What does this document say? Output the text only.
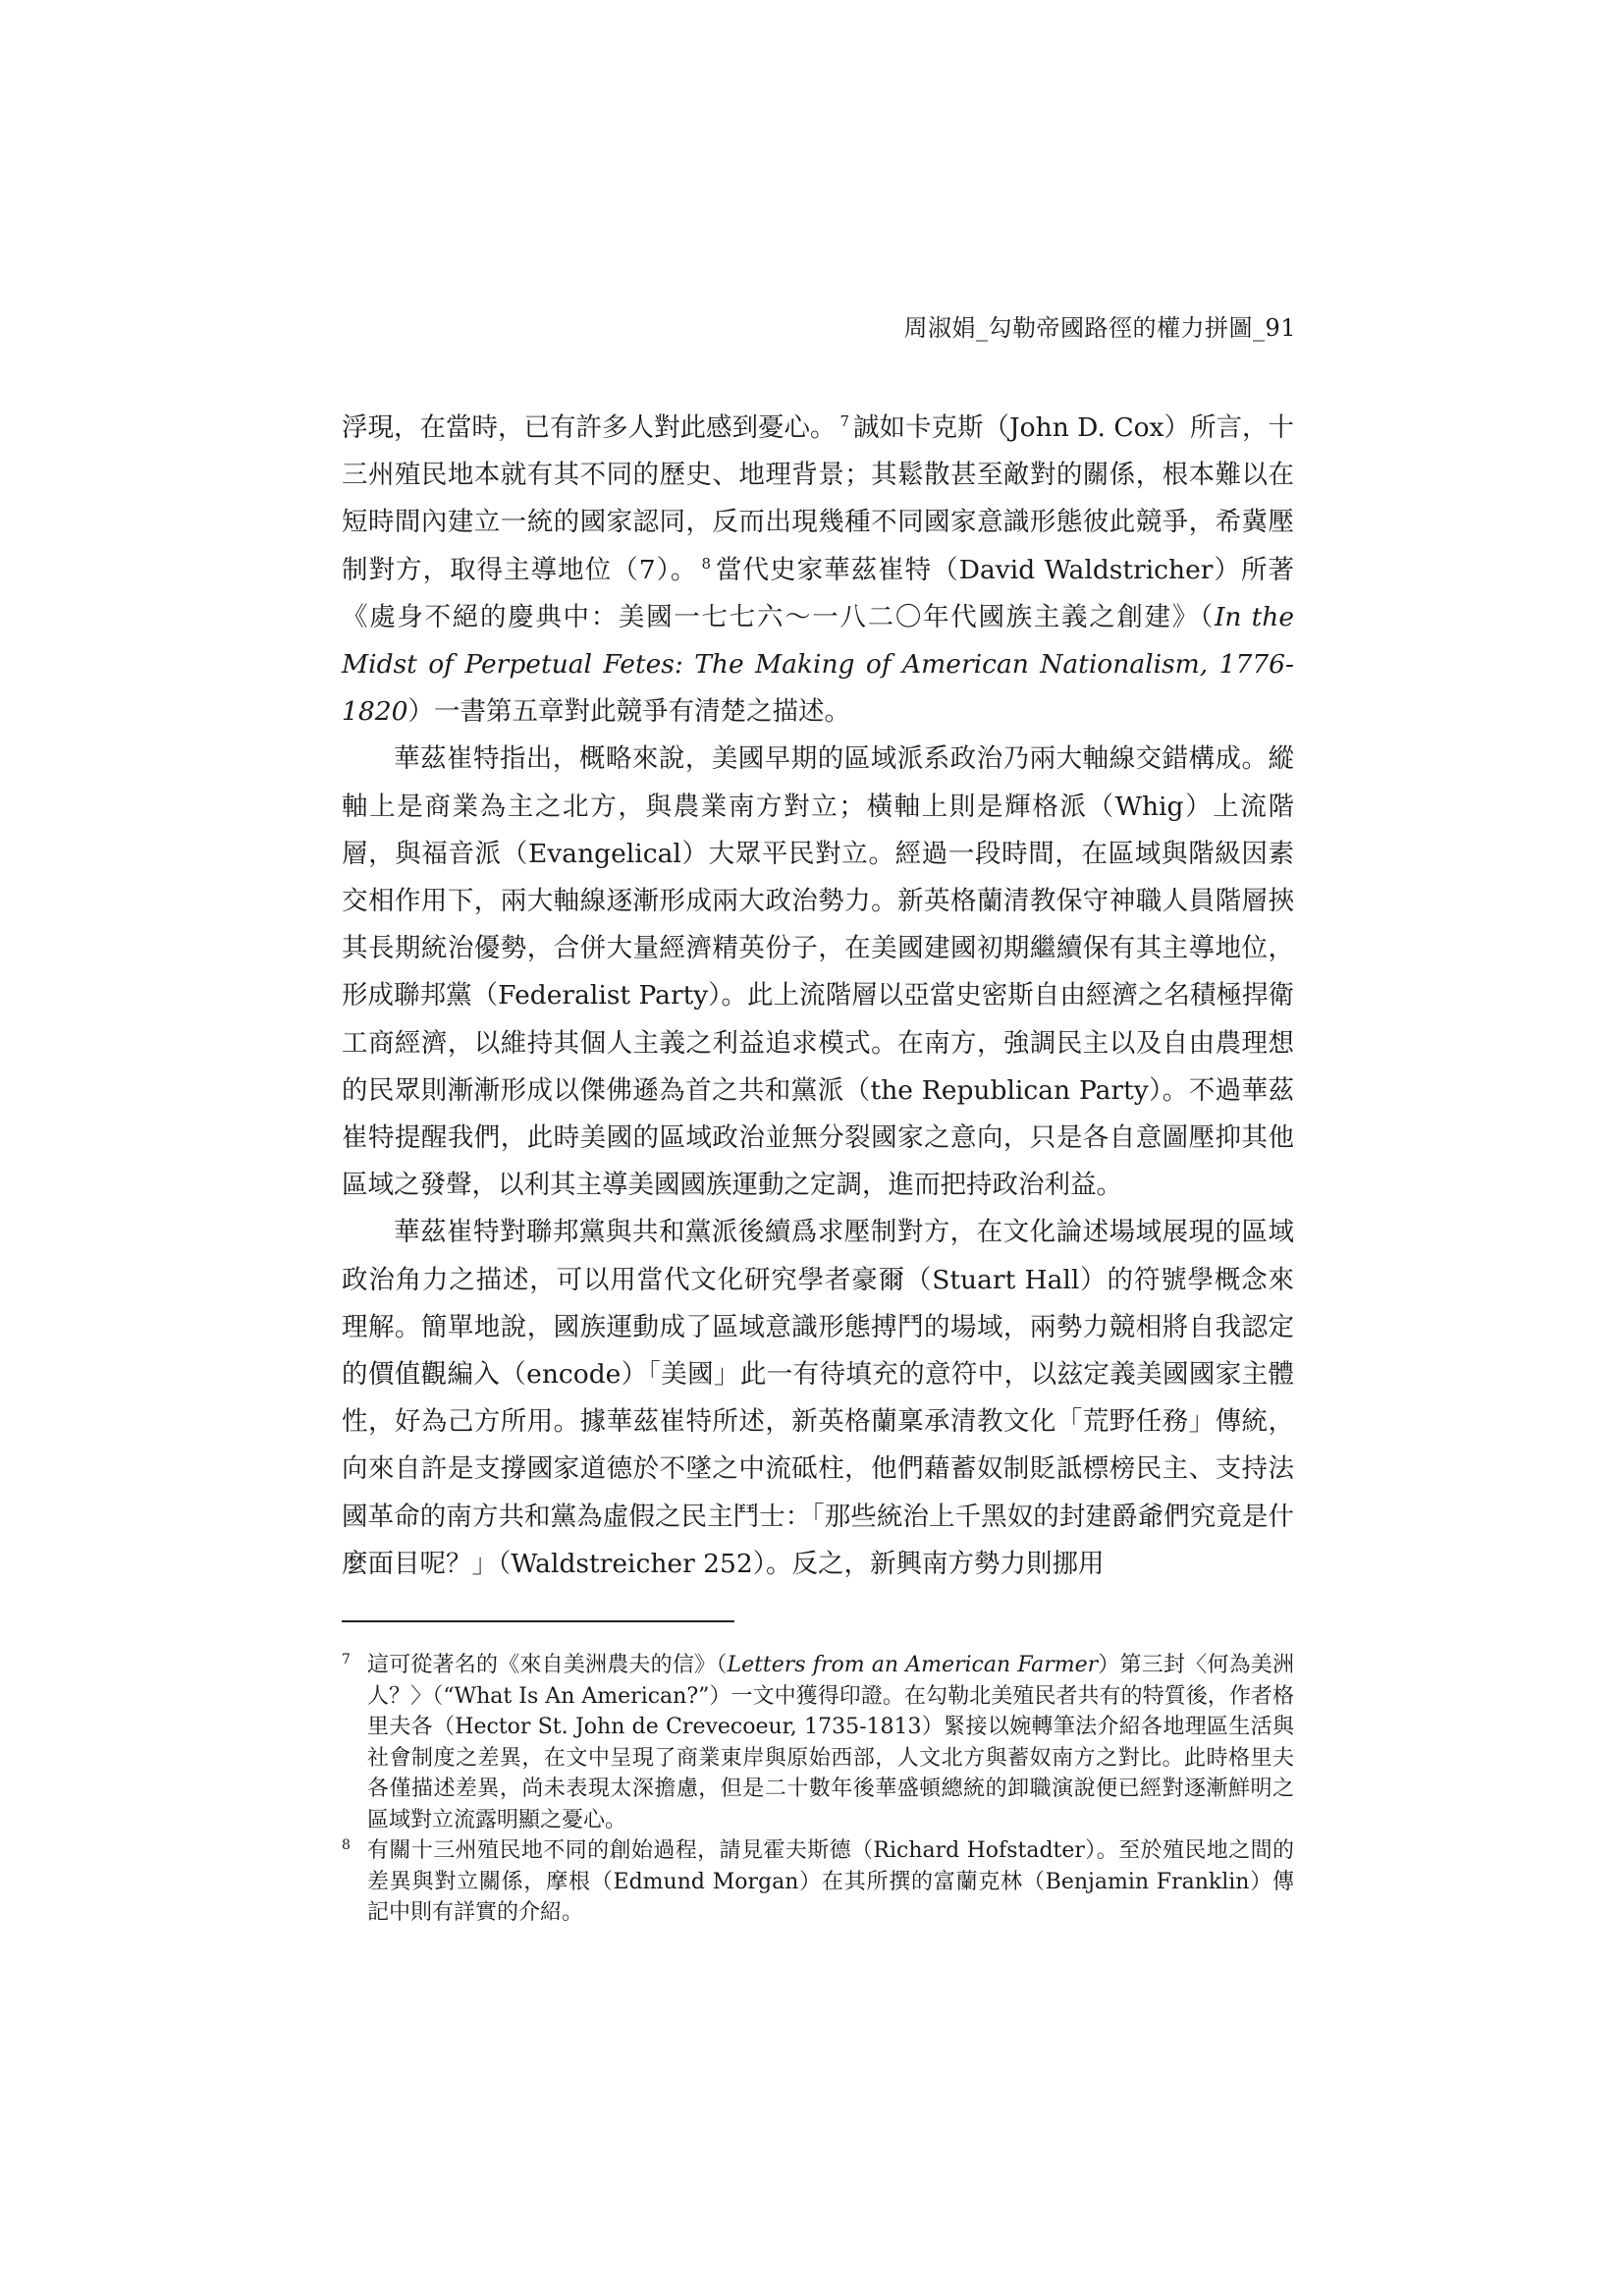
周淑娟_勾勒帝國路徑的權力拼圖_91

浮現，在當時，已有許多人對此感到憂心。 $^7$ 誠如卡克斯（John D. Cox）所言，十三州殖民地本就有其不同的歷史、地理背景；其鬆散甚至敵對的關係，根本難以在短時間內建立一統的國家認同，反而出現幾種不同國家意識形態彼此競爭，希冀壓制對方，取得主導地位（7）。 $^8$ 當代史家華茲崔特（David Waldstricher）所著《處身不絕的慶典中：美國一七七六～一八二〇年代國族主義之創建》（In the Midst of Perpetual Fetes: The Making of American Nationalism, 1776-1820）一書第五章對此競爭有清楚之描述。

華茲崔特指出，概略來說，美國早期的區域派系政治乃兩大軸線交錯構成。縱軸上是商業為主之北方，與農業南方對立；橫軸上則是輝格派（Whig）上流階層，與福音派（Evangelical）大眾平民對立。經過一段時間，在區域與階級因素交相作用下，兩大軸線逐漸形成兩大政治勢力。新英格蘭清教保守神職人員階層挾其長期統治優勢，合併大量經濟精英份子，在美國建國初期繼續保有其主導地位，形成聯邦黨（Federalist Party）。此上流階層以亞當史密斯自由經濟之名積極捍衛工商經濟，以維持其個人主義之利益追求模式。在南方，強調民主以及自由農理想的民眾則漸漸形成以傑佛遜為首之共和黨派（the Republican Party）。不過華茲崔特提醒我們，此時美國的區域政治並無分裂國家之意向，只是各自意圖壓抑其他區域之發聲，以利其主導美國國族運動之定調，進而把持政治利益。

華茲崔特對聯邦黨與共和黨派後續爲求壓制對方，在文化論述場域展現的區域政治角力之描述，可以用當代文化研究學者豪爾（Stuart Hall）的符號學概念來理解。簡單地說，國族運動成了區域意識形態搏鬥的場域，兩勢力競相將自我認定的價值觀編入（encode）「美國」此一有待填充的意符中，以玆定義美國國家主體性，好為己方所用。據華茲崔特所述，新英格蘭稟承清教文化「荒野任務」傳統，向來自許是支撐國家道德於不墜之中流砥柱，他們藉蓄奴制貶詆標榜民主、支持法國革命的南方共和黨為虛假之民主鬥士：「那些統治上千黑奴的封建爵爺們究竟是什麼面目呢？」（Waldstreicher 252）。反之，新興南方勢力則挪用

7 這可從著名的《來自美洲農夫的信》（Letters from an American Farmer）第三封〈何為美洲人？〉（“What Is An American?”）一文中獲得印證。在勾勒北美殖民者共有的特質後，作者格里夫各（Hector St. John de Crevecoeur, 1735-1813）緊接以婉轉筆法介紹各地理區生活與社會制度之差異，在文中呈現了商業東岸與原始西部，人文北方與蓄奴南方之對比。此時格里夫各僅描述差異，尚未表現太深擔慮，但是二十數年後華盛頓總統的卸職演說便已經對逐漸鮮明之區域對立流露明顯之憂心。

8 有關十三州殖民地不同的創始過程，請見霍夫斯德（Richard Hofstadter）。至於殖民地之間的差異與對立關係，摩根（Edmund Morgan）在其所撰的富蘭克林（Benjamin Franklin）傳記中則有詳實的介紹。
